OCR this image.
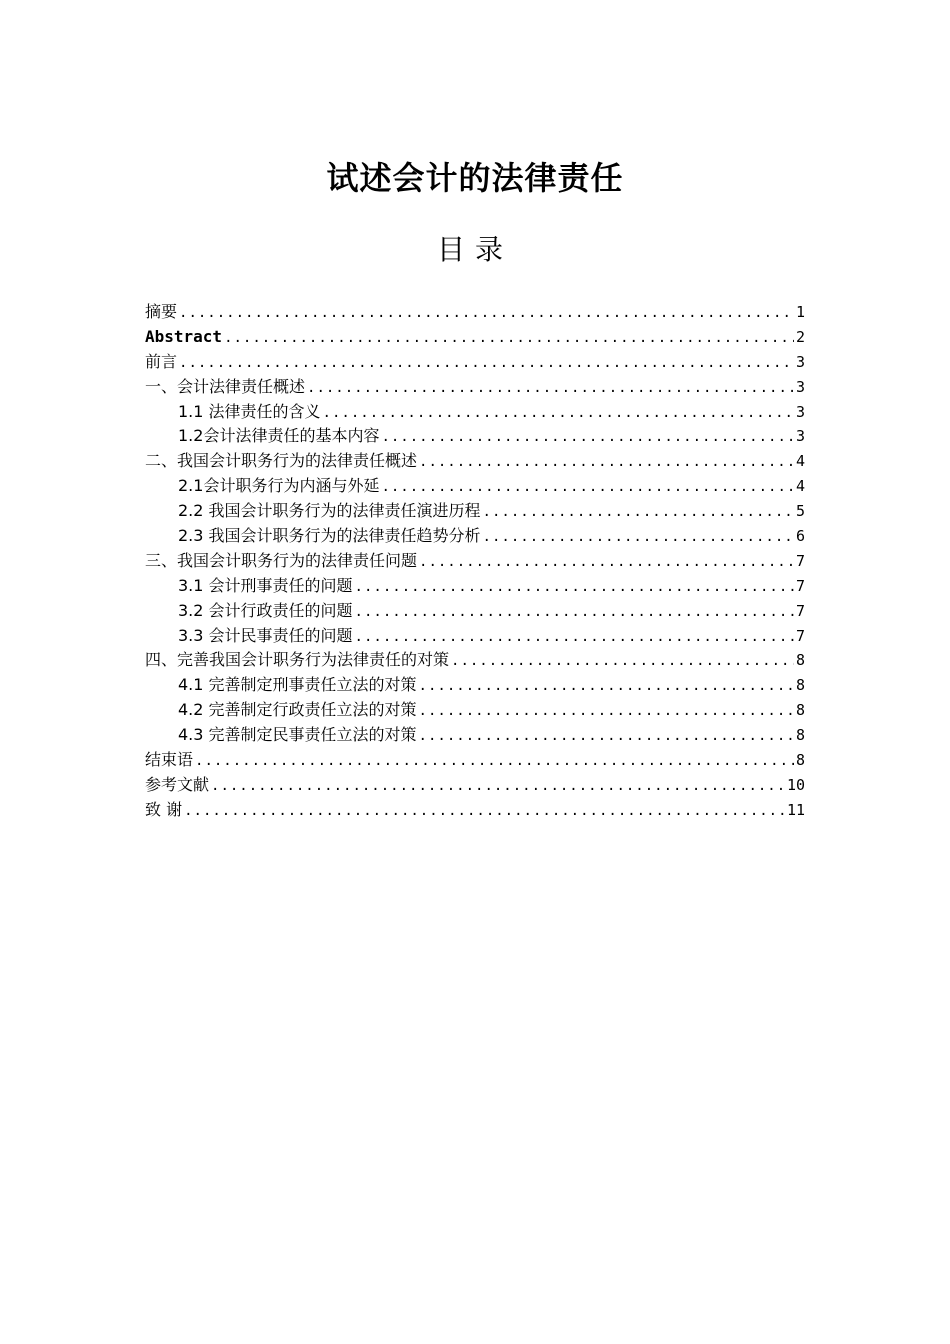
试述会计的法律责任
目录
摘要 .....	1
Abstract .....	2
前言 .....	3
一、会计法律责任概述 .....	3
1.1 法律责任的含义 .....	3
1.2会计法律责任的基本内容 .....	3
二、我国会计职务行为的法律责任概述 .....	4
2.1会计职务行为内涵与外延 .....	4
2.2 我国会计职务行为的法律责任演进历程 .....	5
2.3 我国会计职务行为的法律责任趋势分析 .....	6
三、我国会计职务行为的法律责任问题 .....	7
3.1 会计刑事责任的问题 .....	7
3.2 会计行政责任的问题 .....	7
3.3 会计民事责任的问题 .....	7
四、完善我国会计职务行为法律责任的对策 .....	8
4.1 完善制定刑事责任立法的对策 .....	8
4.2 完善制定行政责任立法的对策 .....	8
4.3 完善制定民事责任立法的对策 .....	8
结束语 .....	8
参考文献 .....	10
致 谢 .....	11
